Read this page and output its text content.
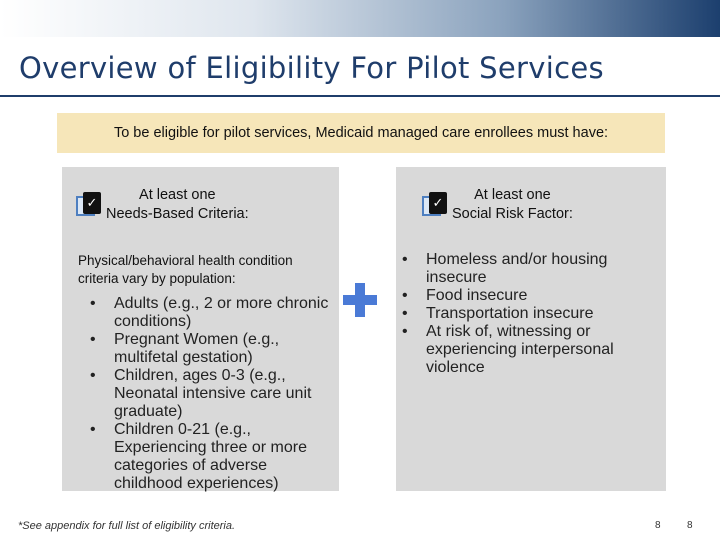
Overview of Eligibility For Pilot Services
To be eligible for pilot services, Medicaid managed care enrollees must have:
✓	At least one
Needs-Based Criteria:
Physical/behavioral health condition criteria vary by population:
• Adults (e.g., 2 or more chronic conditions)
• Pregnant Women (e.g., multifetal gestation)
• Children, ages 0-3 (e.g., Neonatal intensive care unit graduate)
• Children 0-21 (e.g., Experiencing three or more categories of adverse childhood experiences)
✓	At least one
Social Risk Factor:
• Homeless and/or housing insecure
• Food insecure
• Transportation insecure
• At risk of, witnessing or experiencing interpersonal violence
*See appendix for full list of eligibility criteria.	8	8
